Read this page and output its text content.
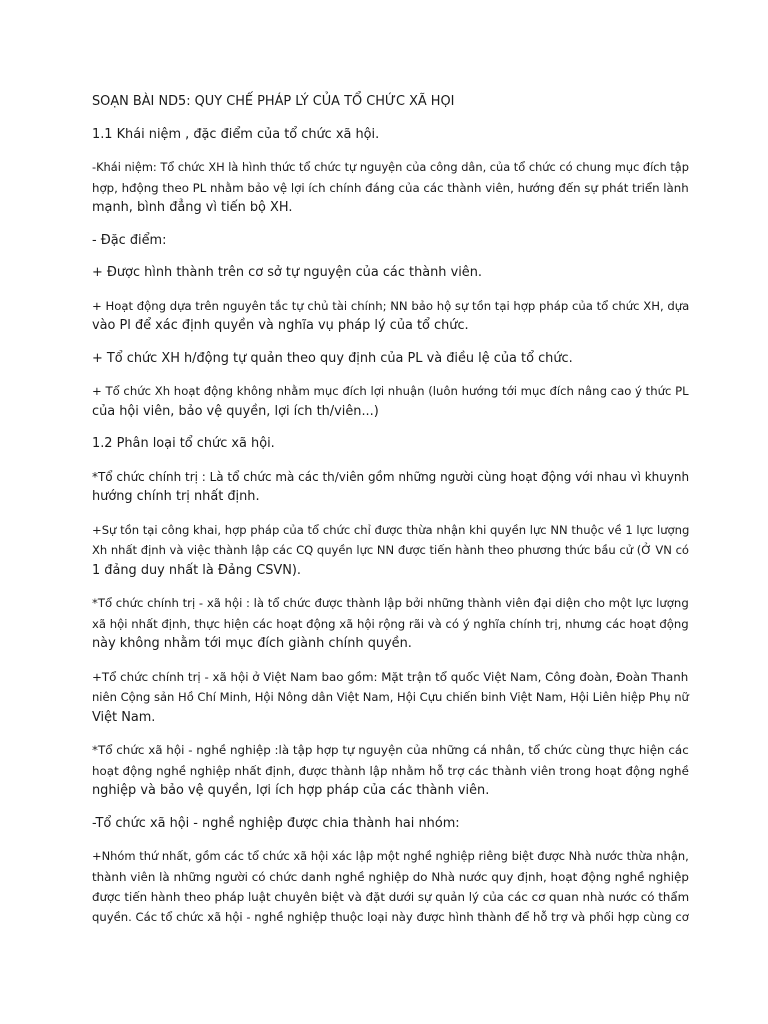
SOẠN BÀI ND5: QUY CHẾ PHÁP LÝ CỦA TỔ CHỨC XÃ HỌI

1.1 Khái niệm , đặc điểm của tổ chức xã hội.

-Khái niệm: Tổ chức XH là hình thức tổ chức tự nguyện của công dân, của tổ chức có chung mục đích tập
hợp, hđộng theo PL nhằm bảo vệ lợi ích chính đáng của các thành viên, hướng đến sự phát triển lành
mạnh, bình đẳng vì tiến bộ XH.

- Đặc điểm:

+ Được hình thành trên cơ sở tự nguyện của các thành viên.

+ Hoạt động dựa trên nguyên tắc tự chủ tài chính; NN bảo hộ sự tồn tại hợp pháp của tổ chức XH, dựa
vào Pl để xác định quyền và nghĩa vụ pháp lý của tổ chức.

+ Tổ chức XH h/động tự quản theo quy định của PL và điều lệ của tổ chức.

+ Tổ chức Xh hoạt động không nhằm mục đích lợi nhuận (luôn hướng tới mục đích nâng cao ý thức PL
của hội viên, bảo vệ quyền, lợi ích th/viên...)

1.2 Phân loại tổ chức xã hội.

*Tổ chức chính trị : Là tổ chức mà các th/viên gồm những người cùng hoạt động với nhau vì khuynh
hướng chính trị nhất định.

+Sự tồn tại công khai, hợp pháp của tổ chức chỉ được thừa nhận khi quyền lực NN thuộc về 1 lực lượng
Xh nhất định và việc thành lập các CQ quyền lực NN được tiến hành theo phương thức bầu cử (Ở VN có
1 đảng duy nhất là Đảng CSVN).

*Tổ chức chính trị - xã hội : là tổ chức được thành lập bởi những thành viên đại diện cho một lực lượng
xã hội nhất định, thực hiện các hoạt động xã hội rộng rãi và có ý nghĩa chính trị, nhưng các hoạt động
này không nhằm tới mục đích giành chính quyền.

+Tổ chức chính trị - xã hội ở Việt Nam bao gồm: Mặt trận tổ quốc Việt Nam, Công đoàn, Đoàn Thanh
niên Cộng sản Hồ Chí Minh, Hội Nông dân Việt Nam, Hội Cựu chiến binh Việt Nam, Hội Liên hiệp Phụ nữ
Việt Nam.

*Tổ chức xã hội - nghề nghiệp :là tập hợp tự nguyện của những cá nhân, tổ chức cùng thực hiện các
hoạt động nghề nghiệp nhất định, được thành lập nhằm hỗ trợ các thành viên trong hoạt động nghề
nghiệp và bảo vệ quyền, lợi ích hợp pháp của các thành viên.

-Tổ chức xã hội - nghề nghiệp được chia thành hai nhóm:

+Nhóm thứ nhất, gồm các tổ chức xã hội xác lập một nghề nghiệp riêng biệt được Nhà nước thừa nhận,
thành viên là những người có chức danh nghề nghiệp do Nhà nước quy định, hoạt động nghề nghiệp
được tiến hành theo pháp luật chuyên biệt và đặt dưới sự quản lý của các cơ quan nhà nước có thẩm
quyền. Các tổ chức xã hội - nghề nghiệp thuộc loại này được hình thành để hỗ trợ và phối hợp cùng cơ
